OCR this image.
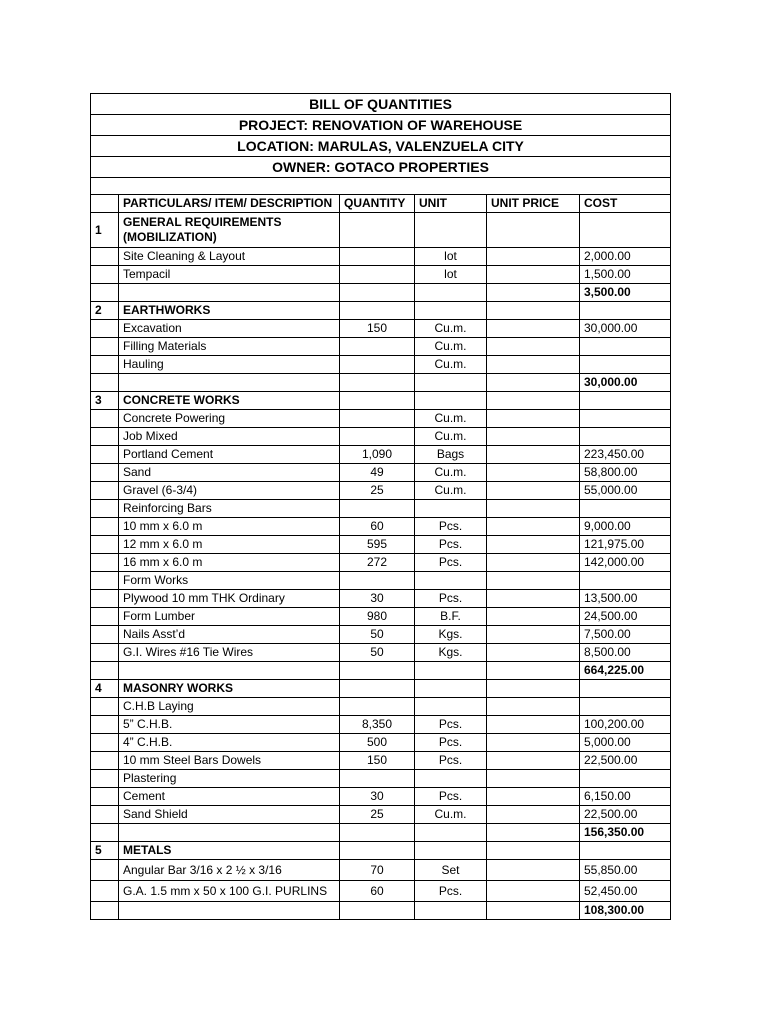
BILL OF QUANTITIES					
PROJECT: RENOVATION OF WAREHOUSE					
LOCATION: MARULAS, VALENZUELA CITY					
OWNER: GOTACO PROPERTIES					

	PARTICULARS/ ITEM/ DESCRIPTION	QUANTITY	UNIT	UNIT PRICE	COST
1	GENERAL REQUIREMENTS (MOBILIZATION)				
	Site Cleaning & Layout		lot		2,000.00
	Tempacil		lot		1,500.00
					3,500.00
2	EARTHWORKS				
	Excavation	150	Cu.m.		30,000.00
	Filling Materials		Cu.m.		
	Hauling		Cu.m.		
					30,000.00
3	CONCRETE WORKS				
	Concrete Powering		Cu.m.		
	Job Mixed		Cu.m.		
	Portland Cement	1,090	Bags		223,450.00
	Sand	49	Cu.m.		58,800.00
	Gravel (6-3/4)	25	Cu.m.		55,000.00
	Reinforcing Bars				
	10 mm x 6.0 m	60	Pcs.		9,000.00
	12 mm x 6.0 m	595	Pcs.		121,975.00
	16 mm x 6.0 m	272	Pcs.		142,000.00
	Form Works				
	Plywood 10 mm THK Ordinary	30	Pcs.		13,500.00
	Form Lumber	980	B.F.		24,500.00
	Nails Asst’d	50	Kgs.		7,500.00
	G.I. Wires #16 Tie Wires	50	Kgs.		8,500.00
					664,225.00
4	MASONRY WORKS				
	C.H.B Laying				
	5” C.H.B.	8,350	Pcs.		100,200.00
	4” C.H.B.	500	Pcs.		5,000.00
	10 mm Steel Bars Dowels	150	Pcs.		22,500.00
	Plastering				
	Cement	30	Pcs.		6,150.00
	Sand Shield	25	Cu.m.		22,500.00
					156,350.00
5	METALS				
	Angular Bar 3/16 x 2 ½ x 3/16	70	Set		55,850.00
	G.A. 1.5 mm x 50 x 100 G.I. PURLINS	60	Pcs.		52,450.00
					108,300.00
